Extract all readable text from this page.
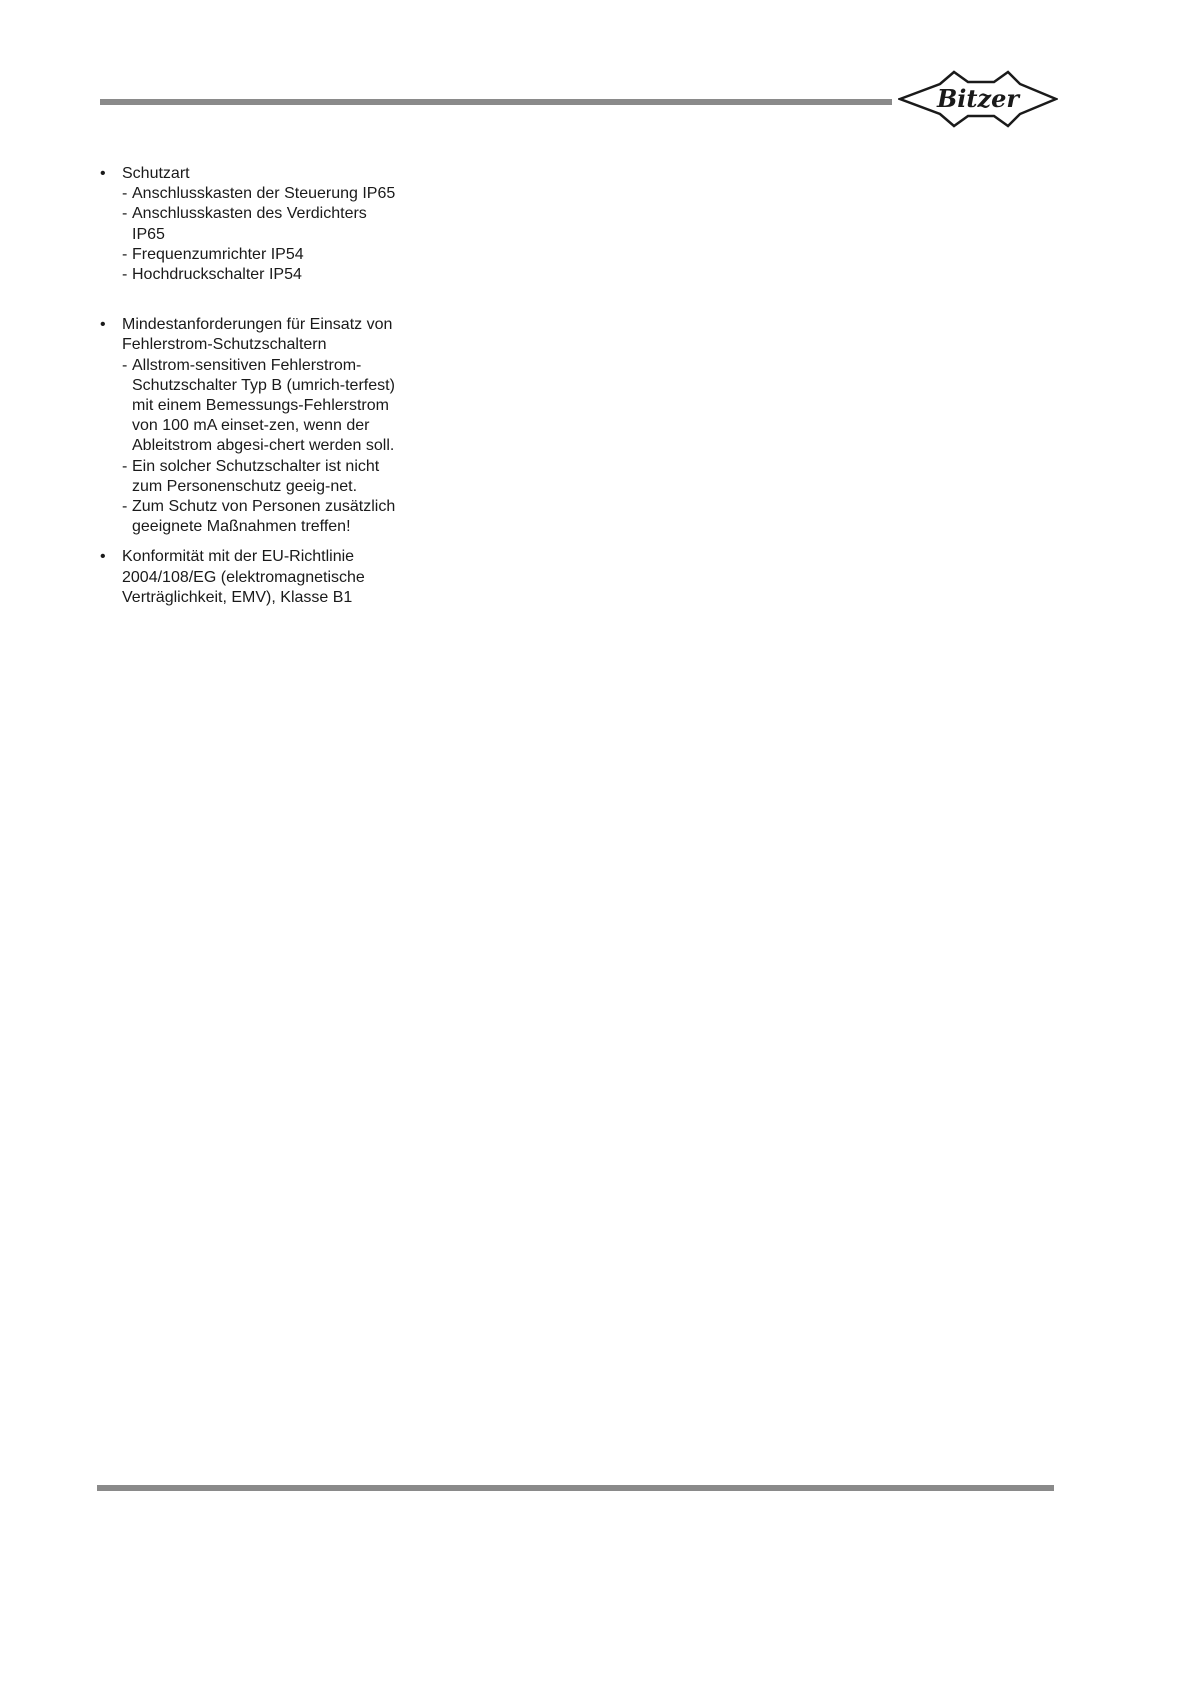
Bitzer
• Schutzart

- Anschlusskasten der Steuerung IP65

- Anschlusskasten des Verdichters IP65

- Frequenzumrichter IP54

- Hochdruckschalter IP54

• Mindestanforderungen für Einsatz von Fehlerstrom-Schutzschaltern

- Allstrom-sensitiven Fehlerstrom-Schutzschalter Typ B (umrich-terfest) mit einem Bemessungs-Fehlerstrom von 100 mA einset-zen, wenn der Ableitstrom abgesi-chert werden soll.

- Ein solcher Schutzschalter ist nicht zum Personenschutz geeig-net.

- Zum Schutz von Personen zusätzlich geeignete Maßnahmen treffen!

• Konformität mit der EU-Richtlinie 2004/108/EG (elektromagnetische Verträglichkeit, EMV), Klasse B1
